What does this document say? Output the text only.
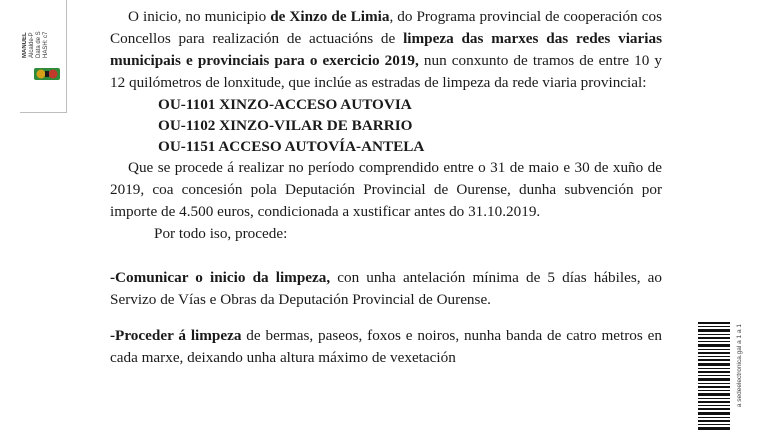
MANUEL Alcalde-P Data de S HASH: c7

O inicio, no municipio de Xinzo de Limia, do Programa provincial de cooperación cos Concellos para realización de actuacións de limpeza das marxes das redes viarias municipais e provinciais para o exercicio 2019, nun conxunto de tramos de entre 10 y 12 quilómetros de lonxitude, que inclúe as estradas de limpeza da rede viaria provincial:

OU-1101 XINZO-ACCESO AUTOVIA
OU-1102 XINZO-VILAR DE BARRIO
OU-1151 ACCESO AUTOVÍA-ANTELA

Que se procede á realizar no período comprendido entre o 31 de maio e 30 de xuño de 2019, coa concesión pola Deputación Provincial de Ourense, dunha subvención por importe de 4.500 euros, condicionada a xustificar antes do 31.10.2019.

Por todo iso, procede:

-Comunicar o inicio da limpeza, con unha antelación mínima de 5 días hábiles, ao Servizo de Vías e Obras da Deputación Provincial de Ourense.

-Proceder á limpeza de bermas, paseos, foxos e noiros, nunha banda de catro metros en cada marxe, deixando unha altura máximo de vexetación	a sedeelectronica.gal a 1 a 1
